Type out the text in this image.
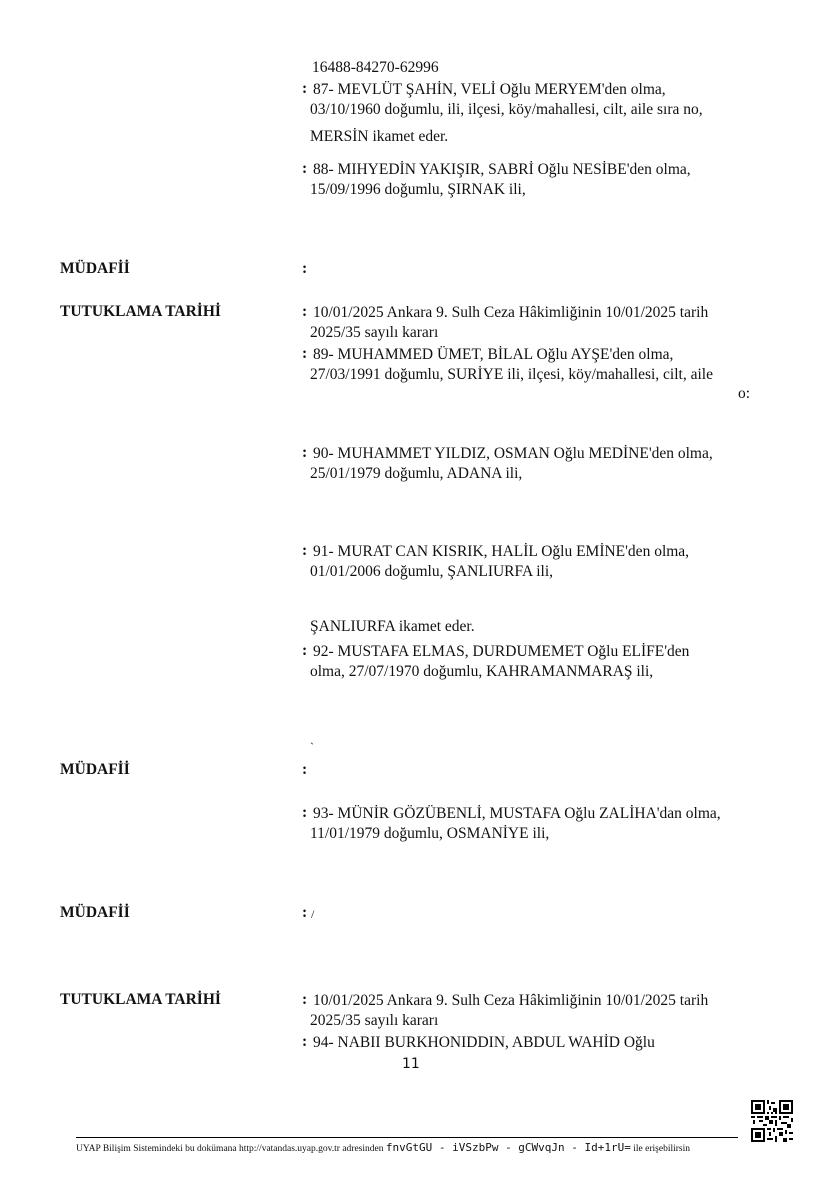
16488-84270-62996
: 87- MEVLÜT ŞAHİN, VELİ Oğlu MERYEM'den olma,
03/10/1960 doğumlu, ili, ilçesi, köy/mahallesi, cilt, aile sıra no,
MERSİN ikamet eder.
: 88- MIHYEDİN YAKIŞIR, SABRİ Oğlu NESİBE'den olma,
15/09/1996 doğumlu, ŞIRNAK ili,
MÜDAFİİ	:
TUTUKLAMA TARİHİ	: 10/01/2025 Ankara 9. Sulh Ceza Hâkimliğinin 10/01/2025 tarih
2025/35 sayılı kararı
: 89- MUHAMMED ÜMET, BİLAL Oğlu AYŞE'den olma,
27/03/1991 doğumlu, SURİYE ili, ilçesi, köy/mahallesi, cilt, aile
o:
: 90- MUHAMMET YILDIZ, OSMAN Oğlu MEDİNE'den olma,
25/01/1979 doğumlu, ADANA ili,
: 91- MURAT CAN KISRIK, HALİL Oğlu EMİNE'den olma,
01/01/2006 doğumlu, ŞANLIURFA ili,
ŞANLIURFA ikamet eder.
: 92- MUSTAFA ELMAS, DURDUMEMET Oğlu ELİFE'den
olma, 27/07/1970 doğumlu, KAHRAMANMARAŞ ili,
`
MÜDAFİİ	:
: 93- MÜNİR GÖZÜBENLİ, MUSTAFA Oğlu ZALİHA'dan olma,
11/01/1979 doğumlu, OSMANİYE ili,
MÜDAFİİ	: /
TUTUKLAMA TARİHİ	: 10/01/2025 Ankara 9. Sulh Ceza Hâkimliğinin 10/01/2025 tarih
2025/35 sayılı kararı
: 94- NABII BURKHONIDDIN, ABDUL WAHİD Oğlu
11
UYAP Bilişim Sistemindeki bu dokümana http://vatandas.uyap.gov.tr adresinden fnvGtGU - iVSzbPw - gCWvqJn - Id+1rU= ile erişebilirsin
